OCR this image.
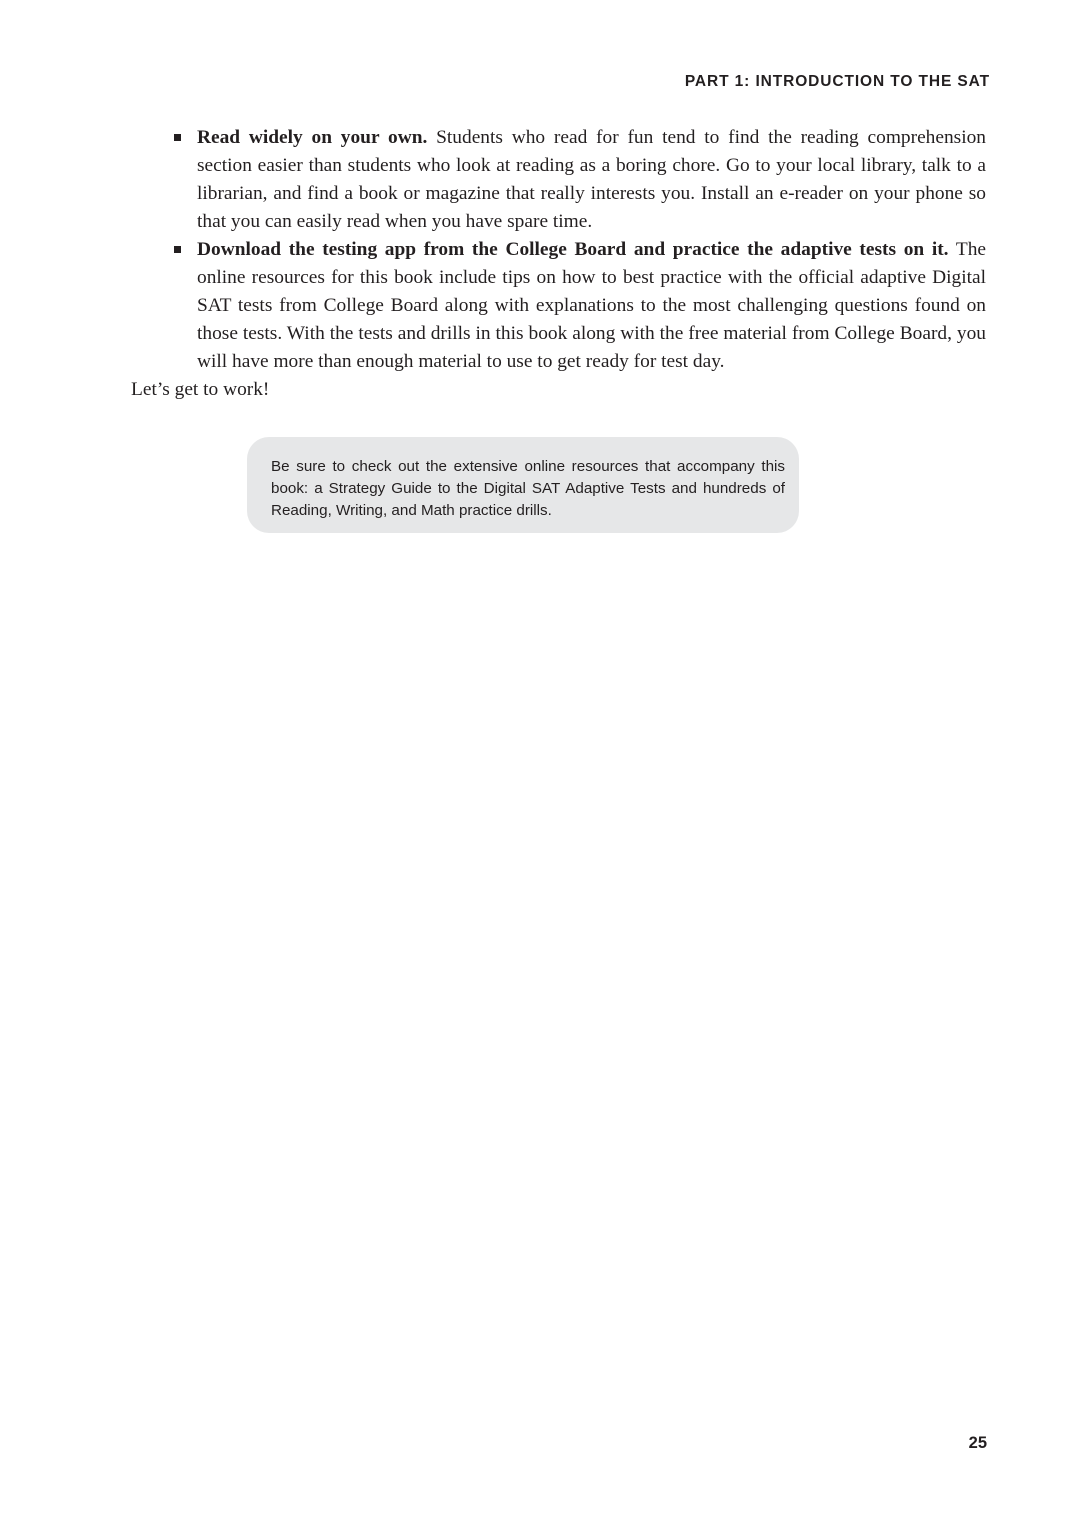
PART 1: INTRODUCTION TO THE SAT
Read widely on your own. Students who read for fun tend to find the reading comprehension section easier than students who look at reading as a boring chore. Go to your local library, talk to a librarian, and find a book or magazine that really interests you. Install an e-reader on your phone so that you can easily read when you have spare time.
Download the testing app from the College Board and practice the adaptive tests on it. The online resources for this book include tips on how to best practice with the official adaptive Digital SAT tests from College Board along with explanations to the most challenging questions found on those tests. With the tests and drills in this book along with the free material from College Board, you will have more than enough material to use to get ready for test day.

Let’s get to work!

Be sure to check out the extensive online resources that accompany this book: a Strategy Guide to the Digital SAT Adaptive Tests and hundreds of Reading, Writing, and Math practice drills.

25
